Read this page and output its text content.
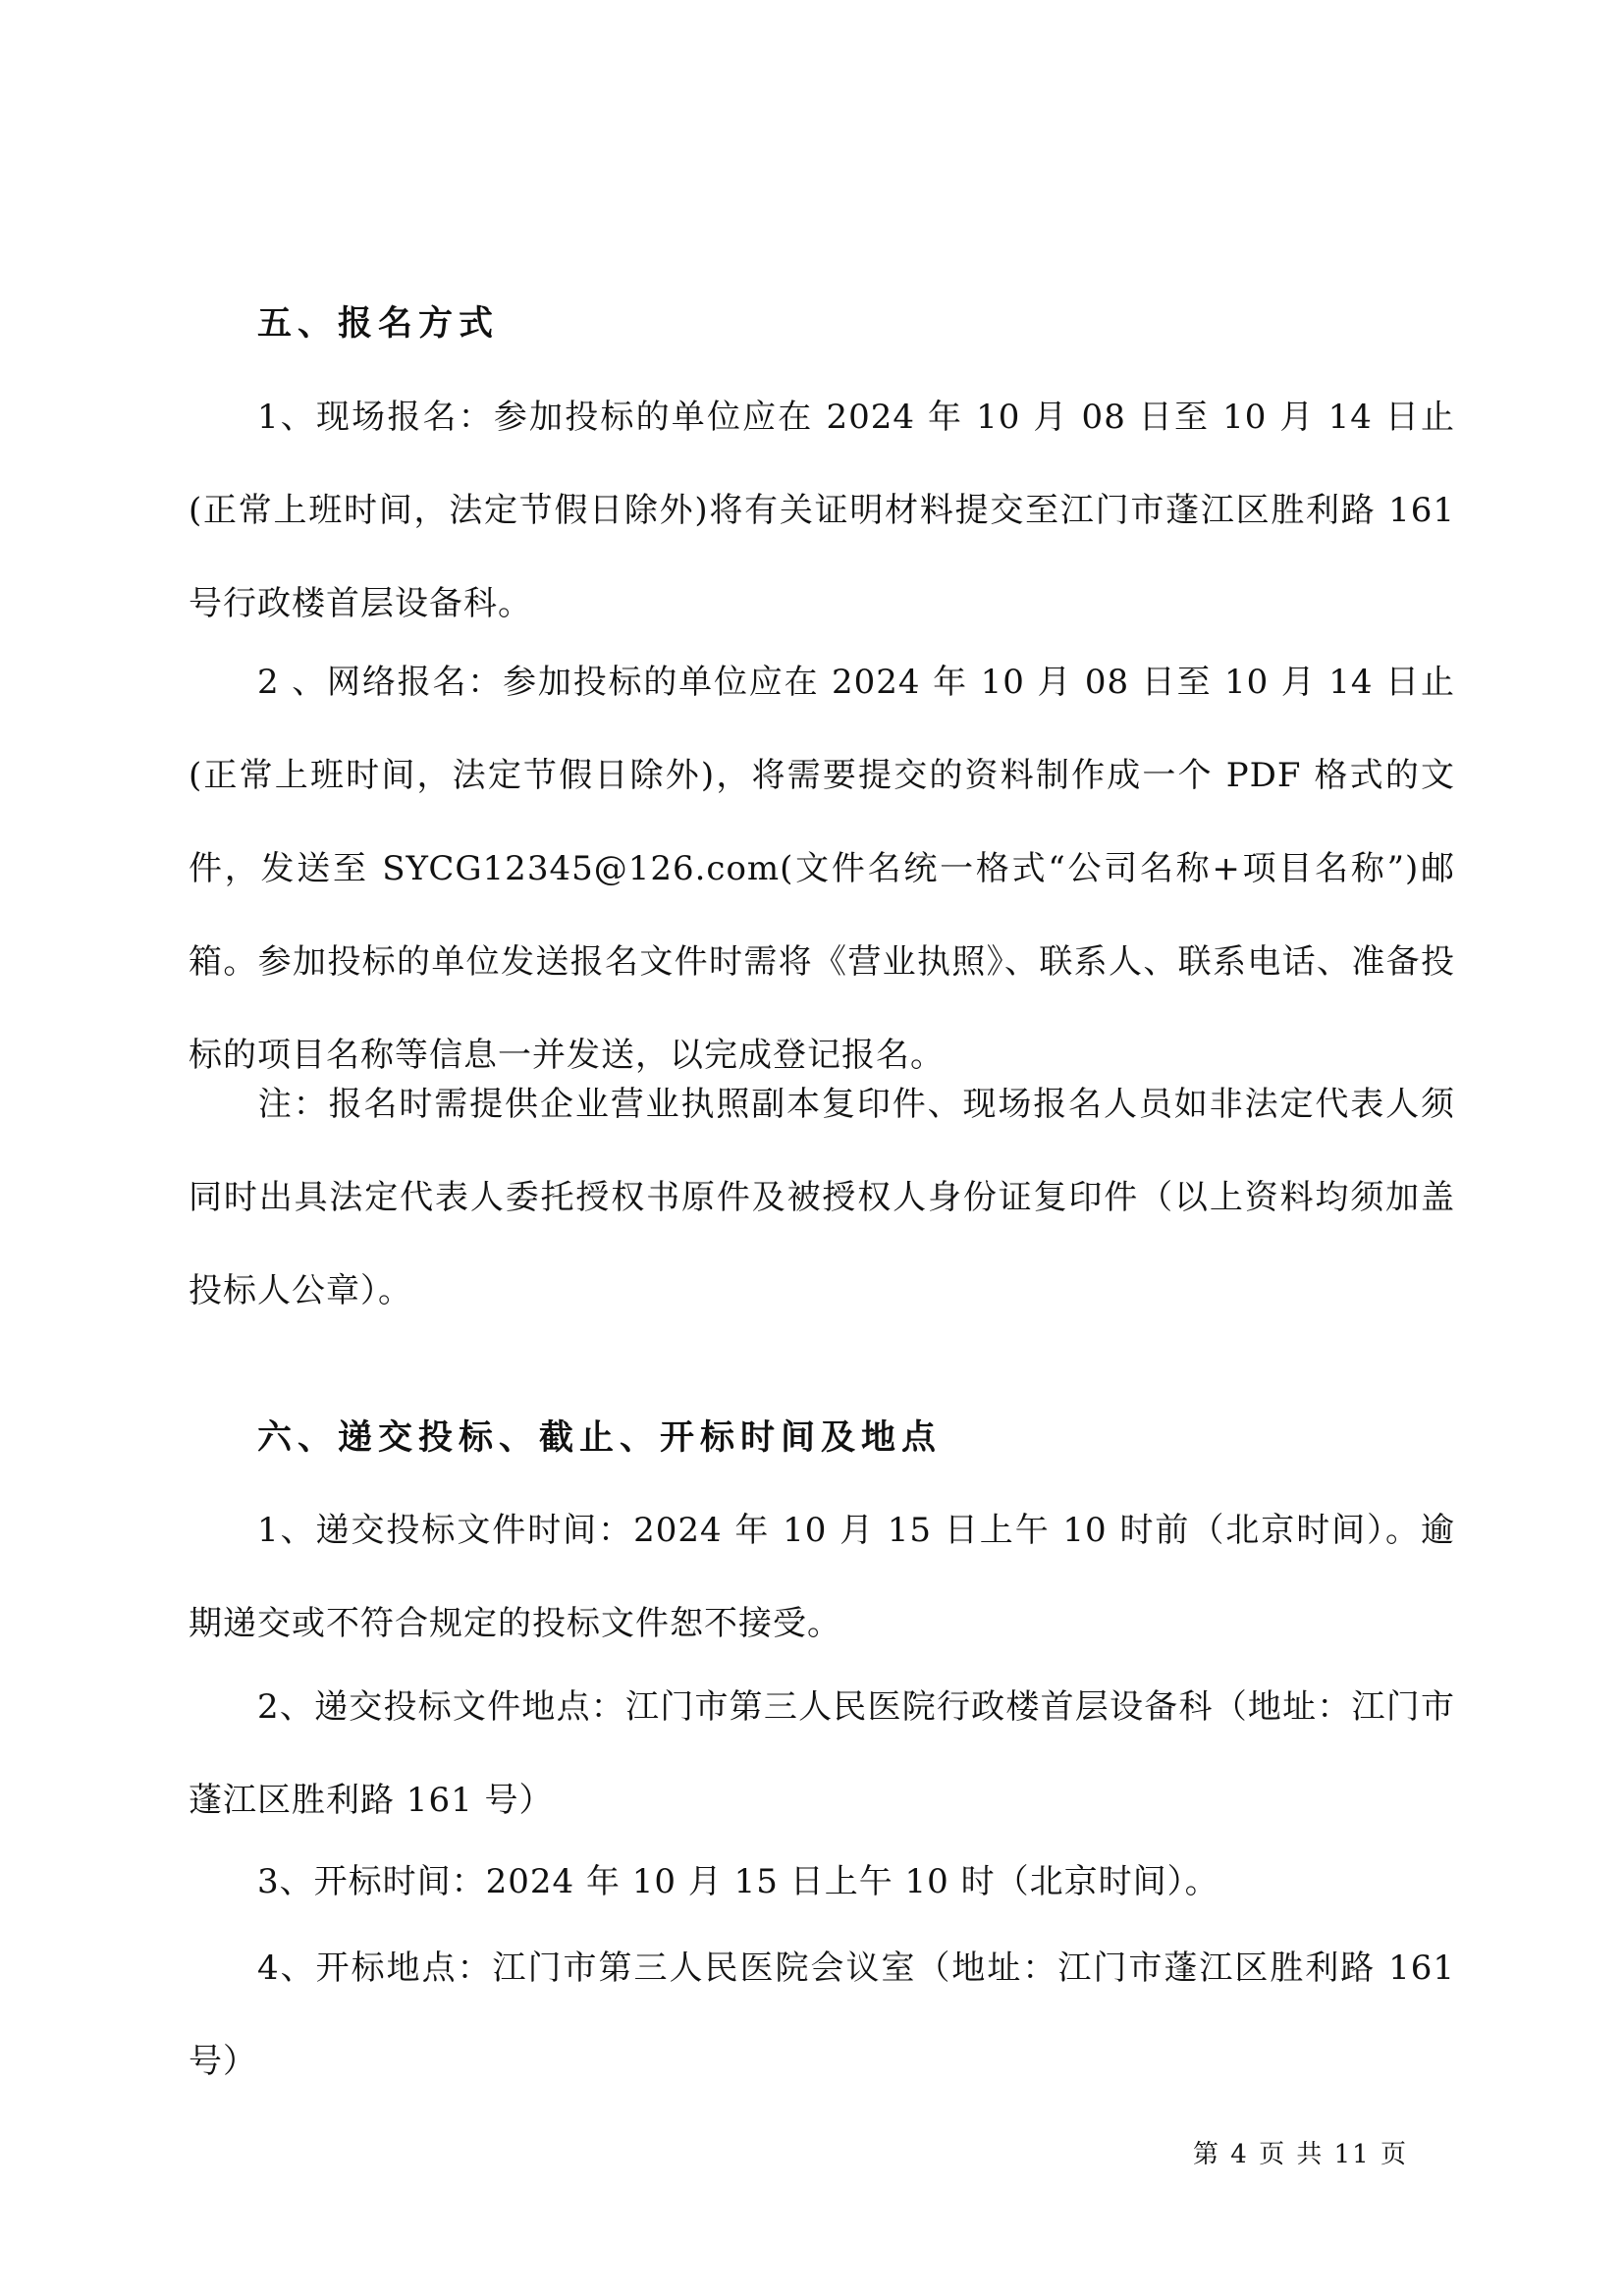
五、报名方式

1、现场报名：参加投标的单位应在 2024 年 10 月 08 日至 10 月 14 日止(正常上班时间，法定节假日除外)将有关证明材料提交至江门市蓬江区胜利路 161 号行政楼首层设备科。

2 、网络报名：参加投标的单位应在 2024 年 10 月 08 日至 10 月 14 日止(正常上班时间，法定节假日除外)，将需要提交的资料制作成一个 PDF 格式的文件，发送至 SYCG12345@126.com(文件名统一格式“公司名称+项目名称”)邮箱。参加投标的单位发送报名文件时需将《营业执照》、联系人、联系电话、准备投标的项目名称等信息一并发送，以完成登记报名。

注：报名时需提供企业营业执照副本复印件、现场报名人员如非法定代表人须同时出具法定代表人委托授权书原件及被授权人身份证复印件（以上资料均须加盖投标人公章）。

六、递交投标、截止、开标时间及地点

1、递交投标文件时间：2024 年 10 月 15 日上午 10 时前（北京时间）。逾期递交或不符合规定的投标文件恕不接受。

2、递交投标文件地点：江门市第三人民医院行政楼首层设备科（地址：江门市蓬江区胜利路 161 号）

3、开标时间：2024 年 10 月 15 日上午 10 时（北京时间）。

4、开标地点：江门市第三人民医院会议室（地址：江门市蓬江区胜利路 161 号）

第 4 页 共 11 页
